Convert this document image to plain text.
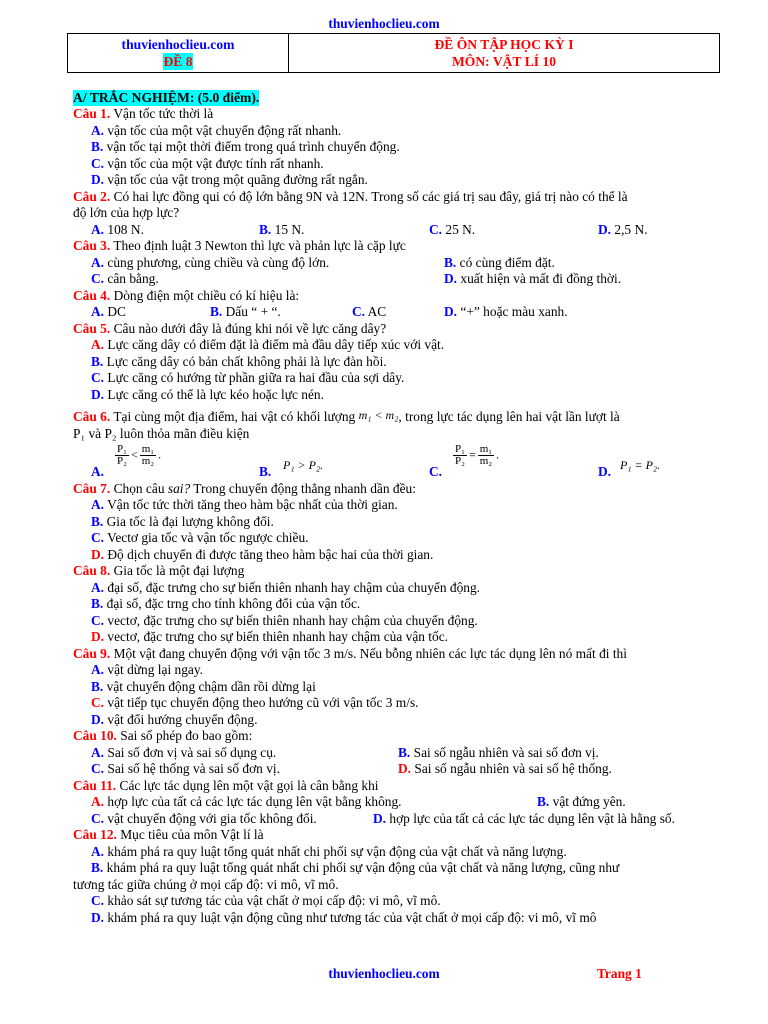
thuvienhoclieu.com
thuvienhoclieu.com
ĐỀ 8
ĐỀ ÔN TẬP HỌC KỲ I
MÔN: VẬT LÍ 10
A/ TRẮC NGHIỆM: (5.0 điểm).
Câu 1. Vận tốc tức thời là
A. vận tốc của một vật chuyển động rất nhanh.
B. vận tốc tại một thời điểm trong quá trình chuyển động.
C. vận tốc của một vật được tính rất nhanh.
D. vận tốc của vật trong một quãng đường rất ngắn.
Câu 2. Có hai lực đồng qui có độ lớn bằng 9N và 12N. Trong số các giá trị sau đây, giá trị nào có thể là
độ lớn của hợp lực?
A. 108 N.	B. 15 N.	C. 25 N.	D. 2,5 N.
Câu 3. Theo định luật 3 Newton thì lực và phản lực là cặp lực
A. cùng phương, cùng chiều và cùng độ lớn.	B. có cùng điểm đặt.
C. cân bằng.	D. xuất hiện và mất đi đồng thời.
Câu 4. Dòng điện một chiều có kí hiệu là:
A. DC	B. Dấu “ + “.	C. AC	D. “+” hoặc màu xanh.
Câu 5. Câu nào dưới đây là đúng khi nói về lực căng dây?
A. Lực căng dây có điểm đặt là điểm mà đầu dây tiếp xúc với vật.
B. Lực căng dây có bản chất không phải là lực đàn hồi.
C. Lực căng có hướng từ phần giữa ra hai đầu của sợi dây.
D. Lực căng có thể là lực kéo hoặc lực nén.
Câu 6. Tại cùng một địa điểm, hai vật có khối lượng m₁ < m₂, trong lực tác dụng lên hai vật lần lượt là
P₁ và P₂ luôn thỏa mãn điều kiện
A.
$\frac{\text{P₁}}{\text{P₂}} < \frac{\text{m₁}}{\text{m₂}}$ .
B. P₁ > P₂.	C.
$\frac{\text{P₁}}{\text{P₂}} = \frac{\text{m₁}}{\text{m₂}}$ .
D. P₁ = P₂.
Câu 7. Chọn câu sai? Trong chuyển động thẳng nhanh dần đều:
A. Vận tốc tức thời tăng theo hàm bậc nhất của thời gian.
B. Gia tốc là đại lượng không đổi.
C. Vectơ gia tốc và vận tốc ngược chiều.
D. Độ dịch chuyển đi được tăng theo hàm bậc hai của thời gian.
Câu 8. Gia tốc là một đại lượng
A. đại số, đặc trưng cho sự biến thiên nhanh hay chậm của chuyển động.
B. đại số, đặc trng cho tính không đổi của vận tốc.
C. vectơ, đặc trưng cho sự biến thiên nhanh hay chậm của chuyển động.
D. vectơ, đặc trưng cho sự biến thiên nhanh hay chậm của vận tốc.
Câu 9. Một vật đang chuyển động với vận tốc 3 m/s. Nếu bỗng nhiên các lực tác dụng lên nó mất đi thì
A. vật dừng lại ngay.
B. vật chuyển động chậm dần rồi dừng lại
C. vật tiếp tục chuyển động theo hướng cũ với vận tốc 3 m/s.
D. vật đổi hướng chuyển động.
Câu 10. Sai số phép đo bao gồm:
A. Sai số đơn vị và sai số dụng cụ.	B. Sai số ngẫu nhiên và sai số đơn vị.
C. Sai số hệ thống và sai số đơn vị.	D. Sai số ngẫu nhiên và sai số hệ thống.
Câu 11. Các lực tác dụng lên một vật gọi là cân bằng khi
A. hợp lực của tất cả các lực tác dụng lên vật bằng không.	B. vật đứng yên.
C. vật chuyển động với gia tốc không đổi.	D. hợp lực của tất cả các lực tác dụng lên vật là hằng số.
Câu 12. Mục tiêu của môn Vật lí là
A. khám phá ra quy luật tổng quát nhất chi phối sự vận động của vật chất và năng lượng.
B. khám phá ra quy luật tổng quát nhất chi phối sự vận động của vật chất và năng lượng, cũng như
tương tác giữa chúng ở mọi cấp độ: vi mô, vĩ mô.
C. khảo sát sự tương tác của vật chất ở mọi cấp độ: vi mô, vĩ mô.
D. khám phá ra quy luật vận động cũng như tương tác của vật chất ở mọi cấp độ: vi mô, vĩ mô
thuvienhoclieu.com	Trang 1
